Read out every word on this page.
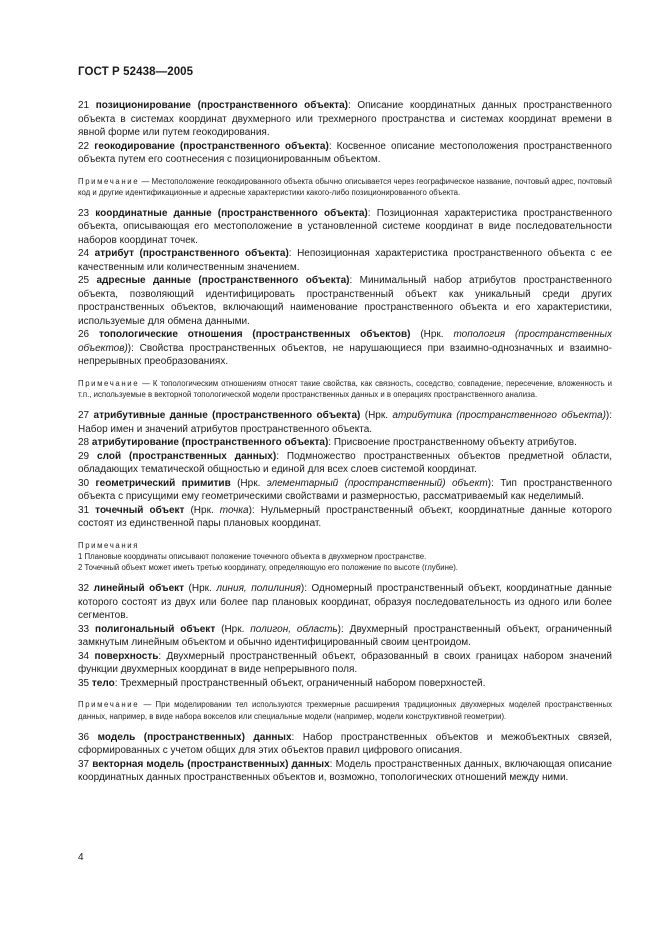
ГОСТ Р 52438—2005

21 позиционирование (пространственного объекта): Описание координатных данных пространственного объекта в системах координат двухмерного или трехмерного пространства и системах координат времени в явной форме или путем геокодирования.

22 геокодирование (пространственного объекта): Косвенное описание местоположения пространственного объекта путем его соотнесения с позиционированным объектом.

Примечание — Местоположение геокодированного объекта обычно описывается через географическое название, почтовый адрес, почтовый код и другие идентификационные и адресные характеристики какого-либо позиционированного объекта.

23 координатные данные (пространственного объекта): Позиционная характеристика пространственного объекта, описывающая его местоположение в установленной системе координат в виде последовательности наборов координат точек.

24 атрибут (пространственного объекта): Непозиционная характеристика пространственного объекта с ее качественным или количественным значением.

25 адресные данные (пространственного объекта): Минимальный набор атрибутов пространственного объекта, позволяющий идентифицировать пространственный объект как уникальный среди других пространственных объектов, включающий наименование пространственного объекта и его характеристики, используемые для обмена данными.

26 топологические отношения (пространственных объектов) (Нрк. топология (пространственных объектов)): Свойства пространственных объектов, не нарушающиеся при взаимно-однозначных и взаимно-непрерывных преобразованиях.

Примечание — К топологическим отношениям относят такие свойства, как связность, соседство, совпадение, пересечение, вложенность и т.п., используемые в векторной топологической модели пространственных данных и в операциях пространственного анализа.

27 атрибутивные данные (пространственного объекта) (Нрк. атрибутика (пространственного объекта)): Набор имен и значений атрибутов пространственного объекта.

28 атрибутирование (пространственного объекта): Присвоение пространственному объекту атрибутов.

29 слой (пространственных данных): Подмножество пространственных объектов предметной области, обладающих тематической общностью и единой для всех слоев системой координат.

30 геометрический примитив (Нрк. элементарный (пространственный) объект): Тип пространственного объекта с присущими ему геометрическими свойствами и размерностью, рассматриваемый как неделимый.

31 точечный объект (Нрк. точка): Нульмерный пространственный объект, координатные данные которого состоят из единственной пары плановых координат.

Примечания
1 Плановые координаты описывают положение точечного объекта в двухмерном пространстве.
2 Точечный объект может иметь третью координату, определяющую его положение по высоте (глубине).

32 линейный объект (Нрк. линия, полилиния): Одномерный пространственный объект, координатные данные которого состоят из двух или более пар плановых координат, образуя последовательность из одного или более сегментов.

33 полигональный объект (Нрк. полигон, область): Двухмерный пространственный объект, ограниченный замкнутым линейным объектом и обычно идентифицированный своим центроидом.

34 поверхность: Двухмерный пространственный объект, образованный в своих границах набором значений функции двухмерных координат в виде непрерывного поля.

35 тело: Трехмерный пространственный объект, ограниченный набором поверхностей.

Примечание — При моделировании тел используются трехмерные расширения традиционных двухмерных моделей пространственных данных, например, в виде набора вокселов или специальные модели (например, модели конструктивной геометрии).

36 модель (пространственных) данных: Набор пространственных объектов и межобъектных связей, сформированных с учетом общих для этих объектов правил цифрового описания.

37 векторная модель (пространственных) данных: Модель пространственных данных, включающая описание координатных данных пространственных объектов и, возможно, топологических отношений между ними.

4
